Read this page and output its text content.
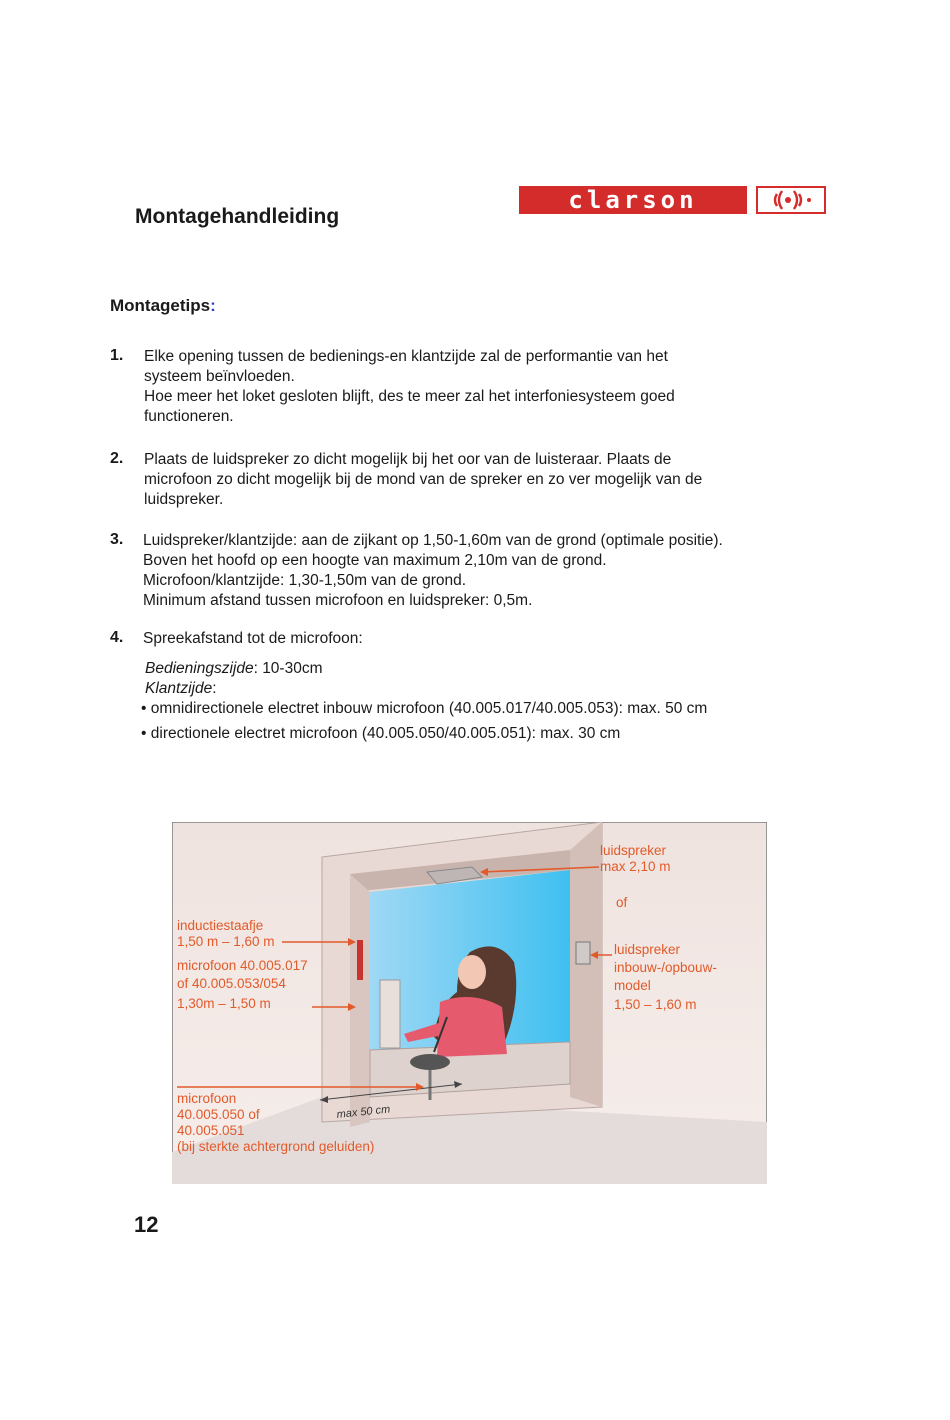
Montagehandleiding
clarson
Montagetips:
1. Elke opening tussen de bedienings-en klantzijde zal de performantie van het
systeem beïnvloeden.
Hoe meer het loket gesloten blijft, des te meer zal het interfoniesysteem goed
functioneren.
2. Plaats de luidspreker zo dicht mogelijk bij het oor van de luisteraar. Plaats de
microfoon zo dicht mogelijk bij de mond van de spreker en zo ver mogelijk van de
luidspreker.
3. Luidspreker/klantzijde: aan de zijkant op 1,50-1,60m van de grond (optimale positie).
Boven het hoofd op een hoogte van maximum 2,10m van de grond.
Microfoon/klantzijde: 1,30-1,50m van de grond.
Minimum afstand tussen microfoon en luidspreker: 0,5m.
4. Spreekafstand tot de microfoon:
Bedieningszijde: 10-30cm
Klantzijde:
• omnidirectionele electret inbouw microfoon (40.005.017/40.005.053): max. 50 cm
• directionele electret microfoon (40.005.050/40.005.051): max. 30 cm
max 50 cm
inductiestaafje
1,50 m – 1,60 m
microfoon 40.005.017
of 40.005.053/054
1,30m – 1,50 m
microfoon
40.005.050 of
40.005.051
(bij sterkte achtergrond geluiden)
luidspreker
max 2,10 m
of
luidspreker
inbouw-/opbouw-
model
1,50 – 1,60 m
12
